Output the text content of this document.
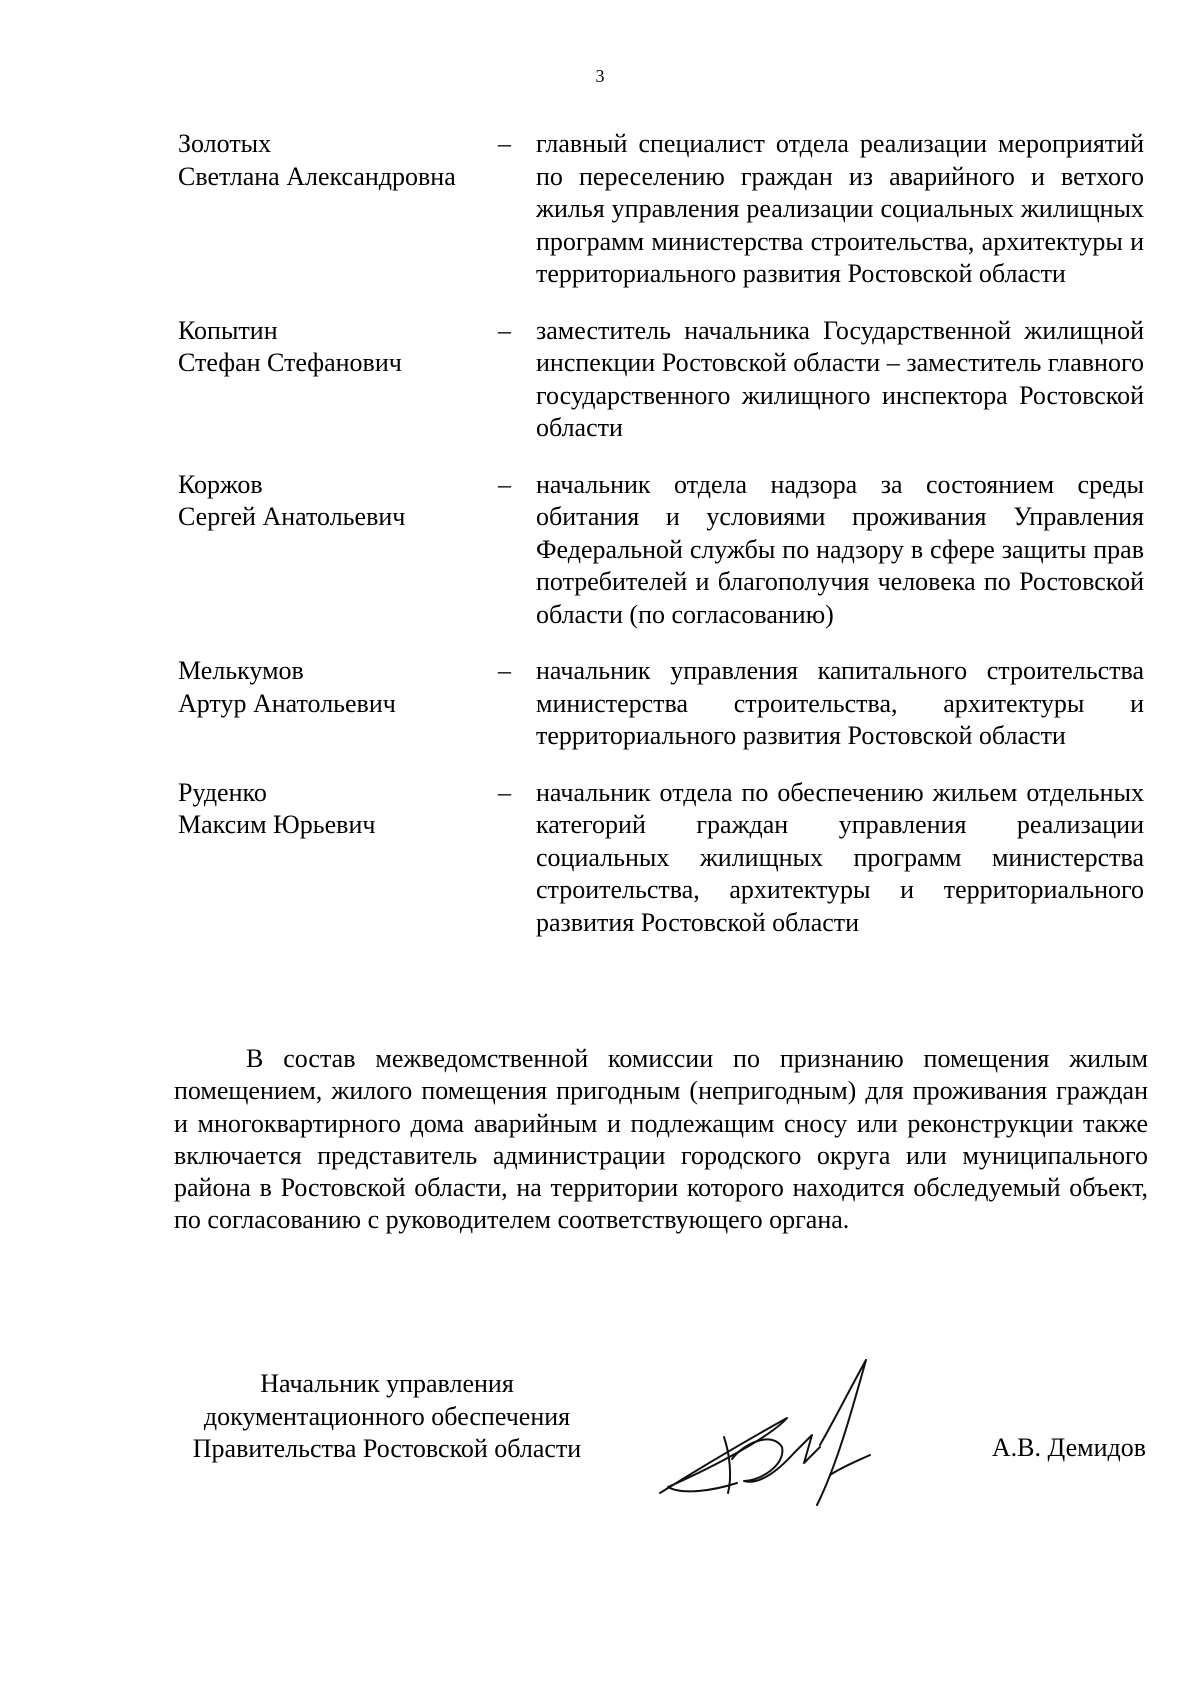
3
Золотых
Светлана Александровна
– главный специалист отдела реализации мероприятий по переселению граждан из аварийного и ветхого жилья управления реализации социальных жилищных программ министерства строительства, архитектуры и территориального развития Ростовской области
Копытин
Стефан Стефанович
– заместитель начальника Государственной жилищной инспекции Ростовской области – заместитель главного государственного жилищного инспектора Ростовской области
Коржов
Сергей Анатольевич
– начальник отдела надзора за состоянием среды обитания и условиями проживания Управления Федеральной службы по надзору в сфере защиты прав потребителей и благополучия человека по Ростовской области (по согласованию)
Мелькумов
Артур Анатольевич
– начальник управления капитального строительства министерства строительства, архитектуры и территориального развития Ростовской области
Руденко
Максим Юрьевич
– начальник отдела по обеспечению жильем отдельных категорий граждан управления реализации социальных жилищных программ министерства строительства, архитектуры и территориального развития Ростовской области
В состав межведомственной комиссии по признанию помещения жилым помещением, жилого помещения пригодным (непригодным) для проживания граждан и многоквартирного дома аварийным и подлежащим сносу или реконструкции также включается представитель администрации городского округа или муниципального района в Ростовской области, на территории которого находится обследуемый объект, по согласованию с руководителем соответствующего органа.
Начальник управления
документационного обеспечения
Правительства Ростовской области	А.В. Демидов
